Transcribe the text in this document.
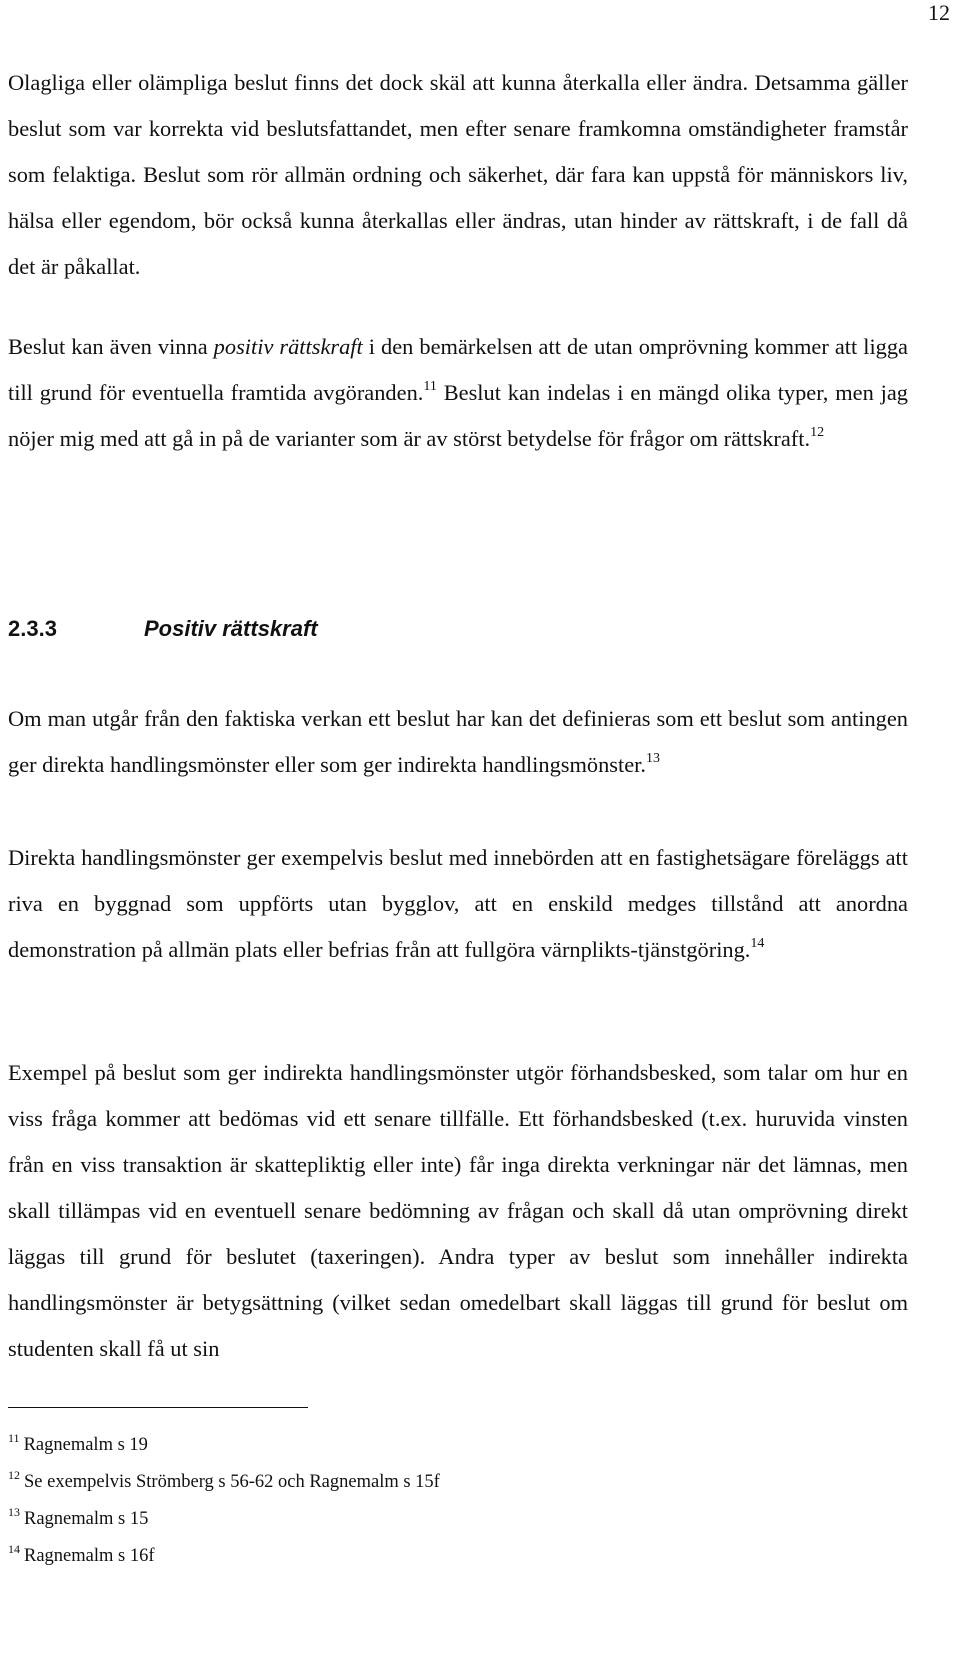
12

Olagliga eller olämpliga beslut finns det dock skäl att kunna återkalla eller ändra. Detsamma gäller beslut som var korrekta vid beslutsfattandet, men efter senare framkomna omständigheter framstår som felaktiga. Beslut som rör allmän ordning och säkerhet, där fara kan uppstå för människors liv, hälsa eller egendom, bör också kunna återkallas eller ändras, utan hinder av rättskraft, i de fall då det är påkallat.

Beslut kan även vinna positiv rättskraft i den bemärkelsen att de utan omprövning kommer att ligga till grund för eventuella framtida avgöranden.$^{11}$ Beslut kan indelas i en mängd olika typer, men jag nöjer mig med att gå in på de varianter som är av störst betydelse för frågor om rättskraft.$^{12}$

2.3.3	Positiv rättskraft

Om man utgår från den faktiska verkan ett beslut har kan det definieras som ett beslut som antingen ger direkta handlingsmönster eller som ger indirekta handlingsmönster.$^{13}$

Direkta handlingsmönster ger exempelvis beslut med innebörden att en fastighetsägare föreläggs att riva en byggnad som uppförts utan bygglov, att en enskild medges tillstånd att anordna demonstration på allmän plats eller befrias från att fullgöra värnplikts-tjänstgöring.$^{14}$

Exempel på beslut som ger indirekta handlingsmönster utgör förhandsbesked, som talar om hur en viss fråga kommer att bedömas vid ett senare tillfälle. Ett förhandsbesked (t.ex. huruvida vinsten från en viss transaktion är skattepliktig eller inte) får inga direkta verkningar när det lämnas, men skall tillämpas vid en eventuell senare bedömning av frågan och skall då utan omprövning direkt läggas till grund för beslutet (taxeringen). Andra typer av beslut som innehåller indirekta handlingsmönster är betygsättning (vilket sedan omedelbart skall läggas till grund för beslut om studenten skall få ut sin

$^{11}$ Ragnemalm s 19
$^{12}$ Se exempelvis Strömberg s 56-62 och Ragnemalm s 15f
$^{13}$ Ragnemalm s 15
$^{14}$ Ragnemalm s 16f
